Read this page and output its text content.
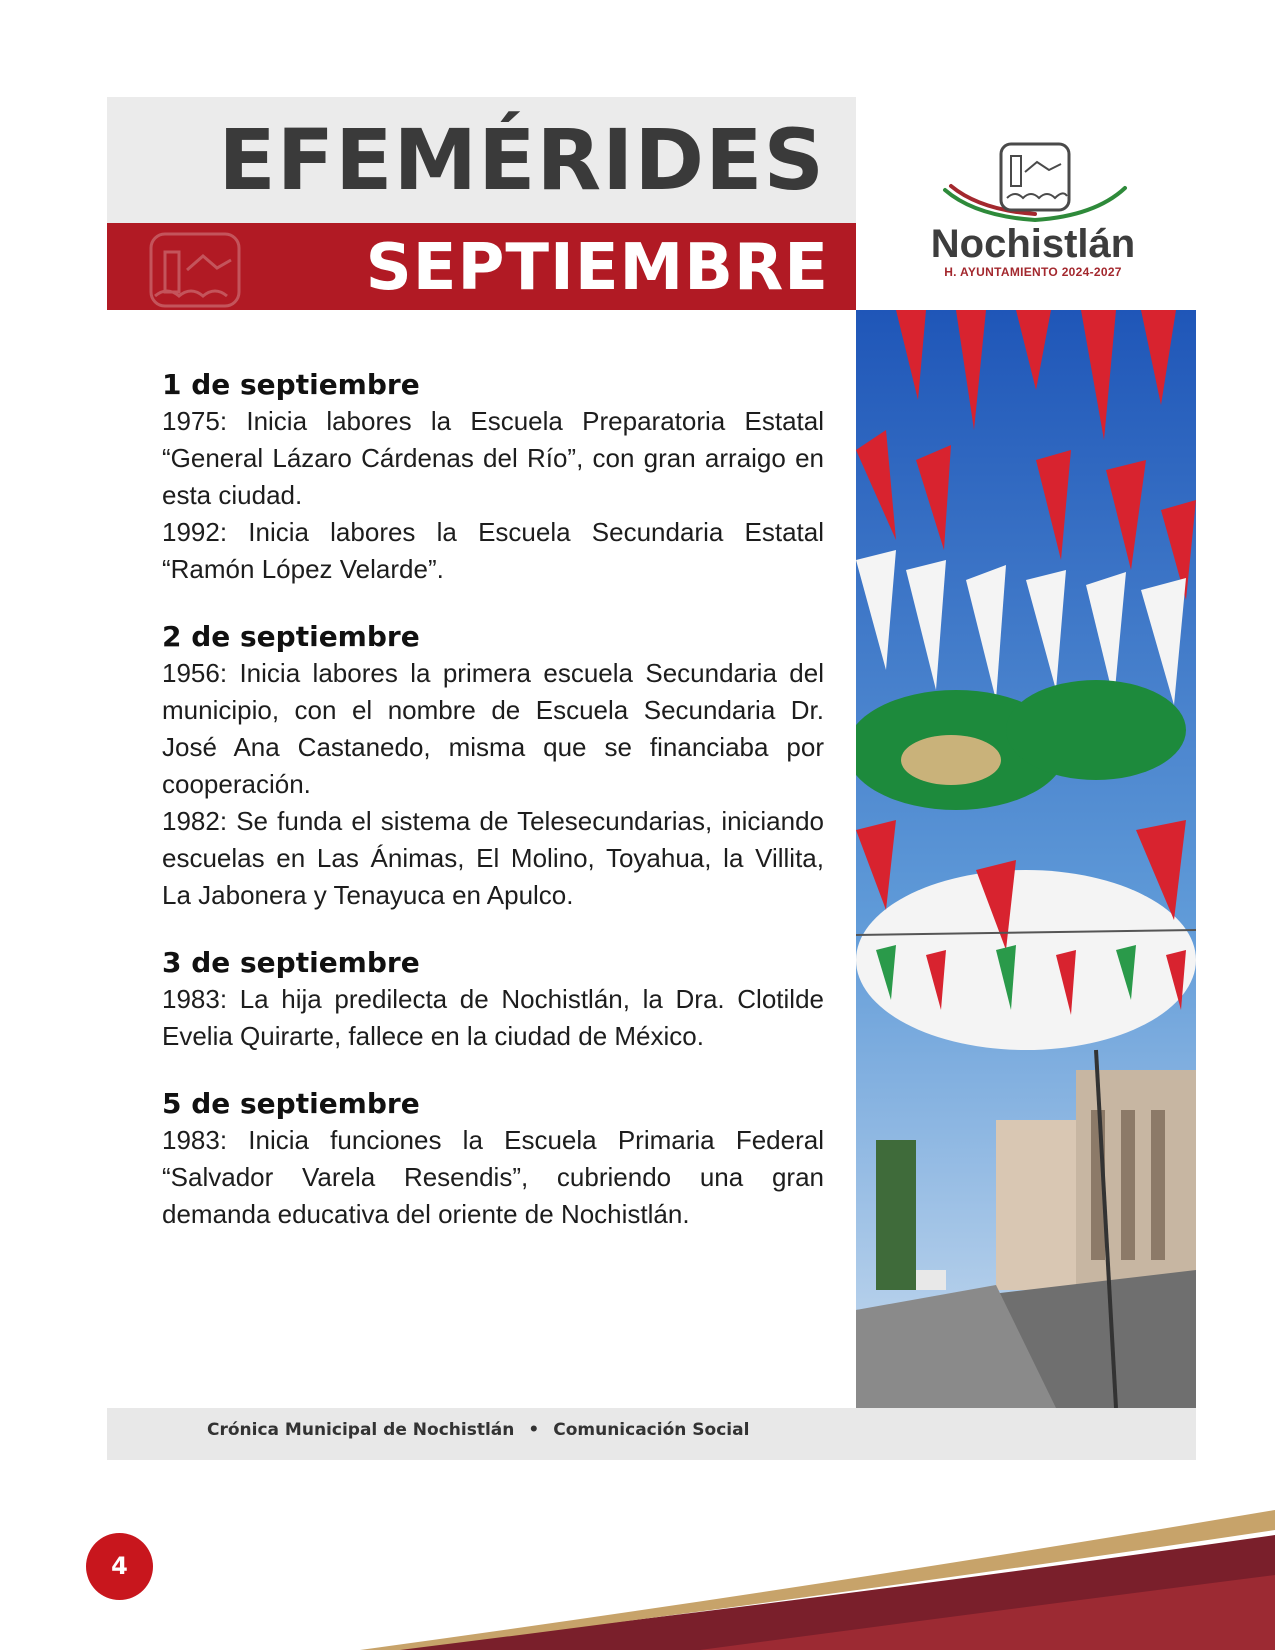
EFEMÉRIDES
SEPTIEMBRE	Nochistlán
H. AYUNTAMIENTO 2024-2027
1 de septiembre

1975: Inicia labores la Escuela Preparatoria Estatal “General Lázaro Cárdenas del Río”, con gran arraigo en esta ciudad.

1992: Inicia labores la Escuela Secundaria Estatal “Ramón López Velarde”.

2 de septiembre

1956: Inicia labores la primera escuela Secundaria del municipio, con el nombre de Escuela Secundaria Dr. José Ana Castanedo, misma que se financiaba por cooperación.

1982: Se funda el sistema de Telesecundarias, iniciando escuelas en Las Ánimas, El Molino, Toyahua, la Villita, La Jabonera y Tenayuca en Apulco.

3 de septiembre

1983: La hija predilecta de Nochistlán, la Dra. Clotilde Evelia Quirarte, fallece en la ciudad de México.

5 de septiembre

1983: Inicia funciones la Escuela Primaria Federal “Salvador Varela Resendis”, cubriendo una gran demanda educativa del oriente de Nochistlán.

Crónica Municipal de Nochistlán • Comunicación Social
4
